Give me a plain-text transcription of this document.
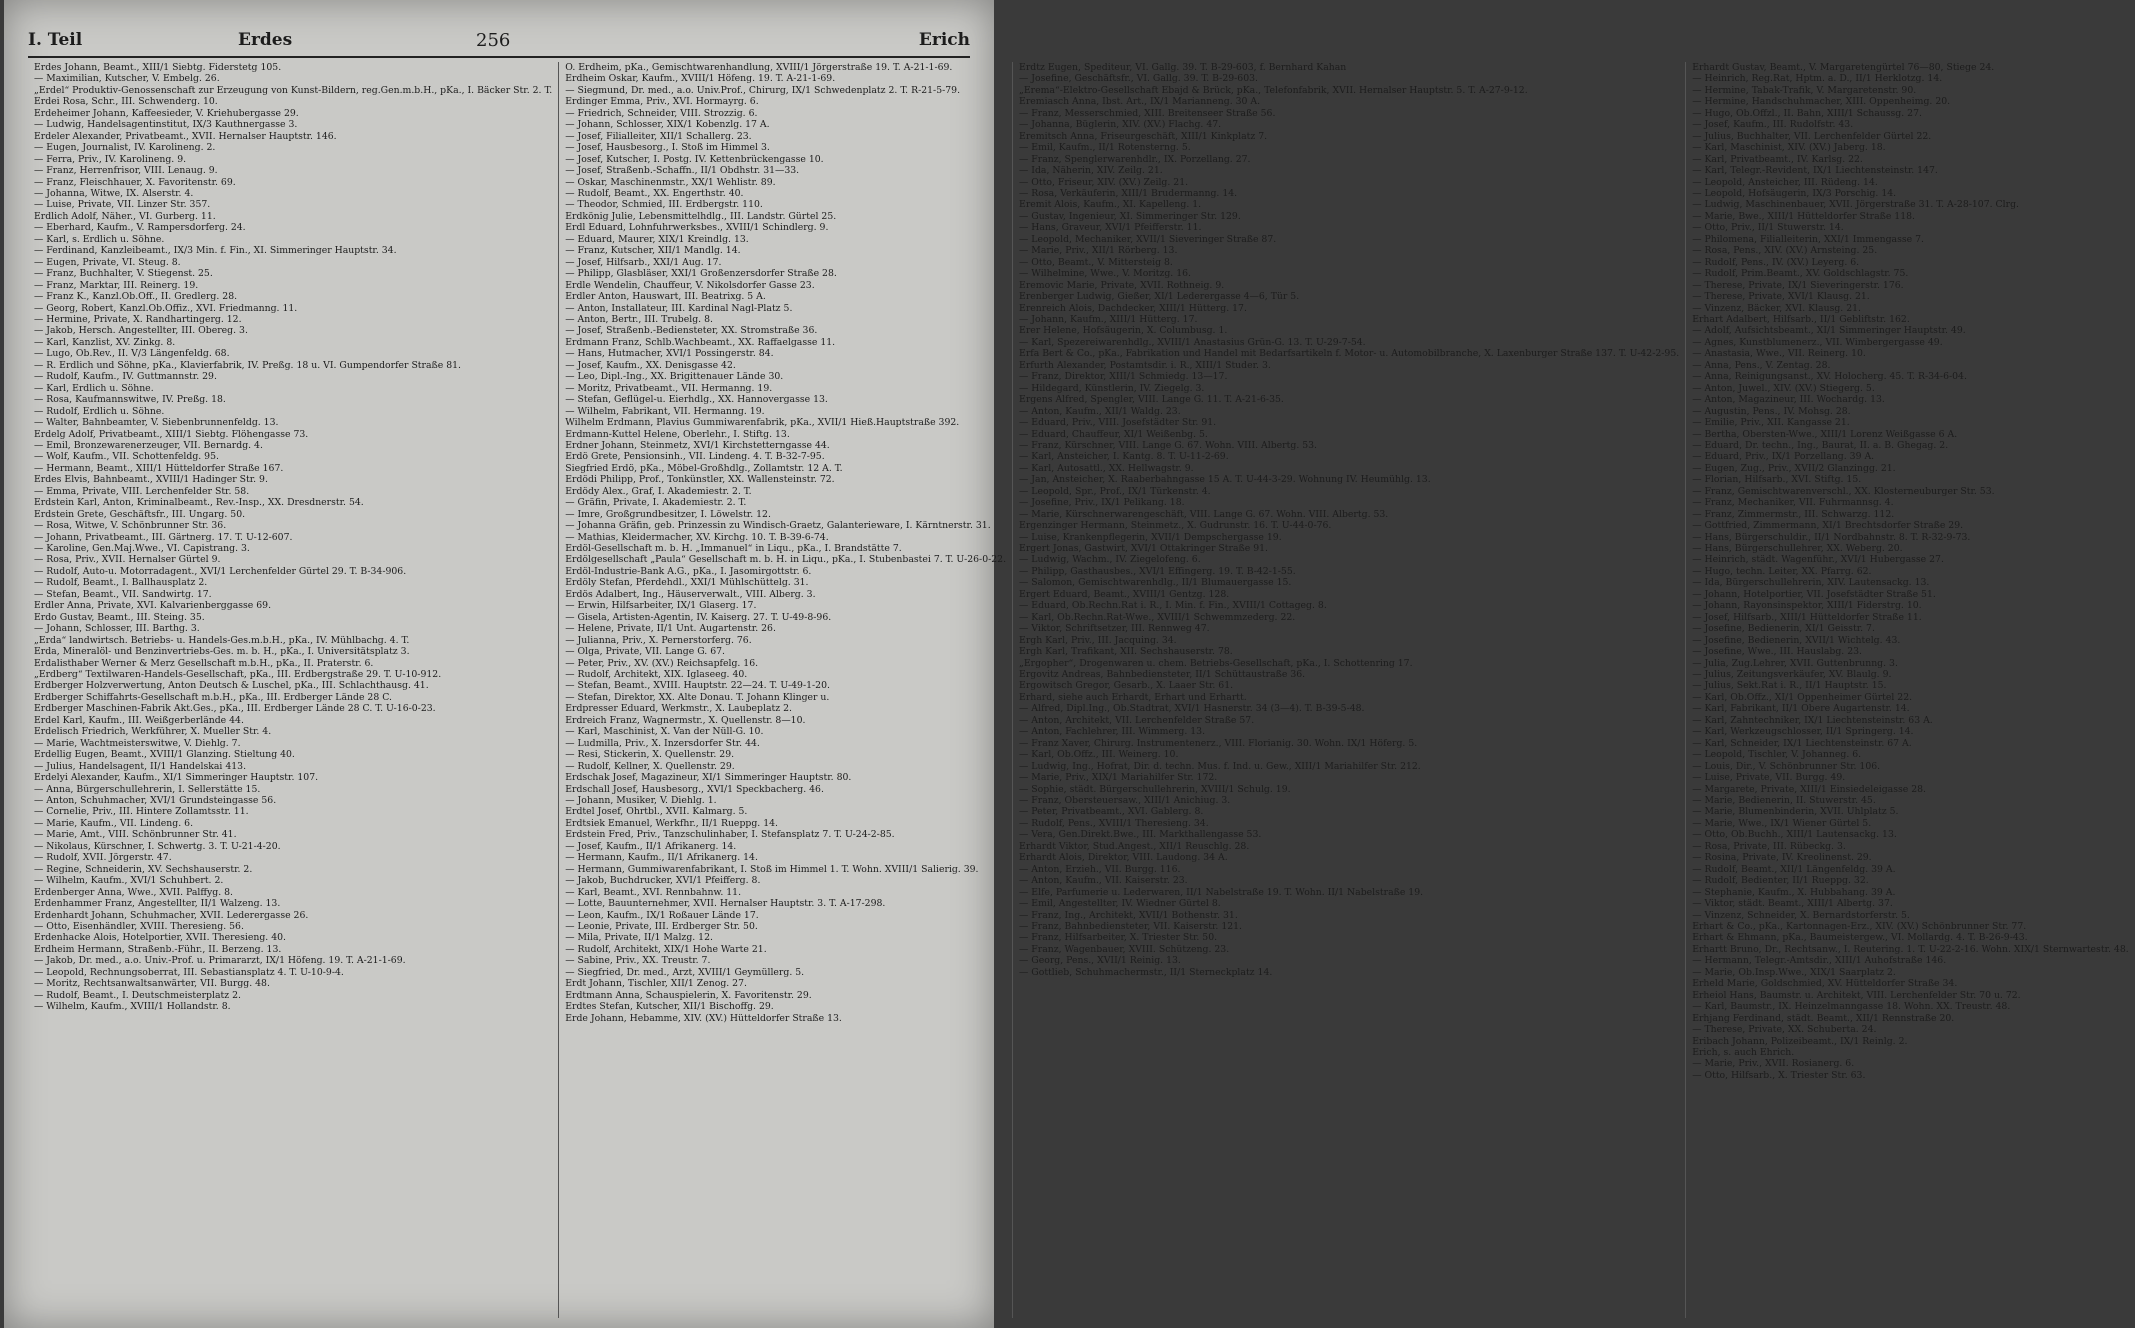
I. Teil	Erdes	256	Erich
Erdes Johann, Beamt., XIII/1 Siebtg. Fiderstetg 105.
— Maximilian, Kutscher, V. Embelg. 26.
„Erdel“ Produktiv-Genossenschaft zur Erzeugung von Kunst-Bildern, reg.Gen.m.b.H., pKa., I. Bäcker Str. 2. T.
Erdei Rosa, Schr., III. Schwenderg. 10.
Erdeheimer Johann, Kaffeesieder, V. Kriehubergasse 29.
— Ludwig, Handelsagentinstitut, IX/3 Kauthnergasse 3.
Erdeler Alexander, Privatbeamt., XVII. Hernalser Hauptstr. 146.
— Eugen, Journalist, IV. Karolineng. 2.
— Ferra, Priv., IV. Karolineng. 9.
— Franz, Herrenfrisor, VIII. Lenaug. 9.
— Franz, Fleischhauer, X. Favoritenstr. 69.
— Johanna, Witwe, IX. Alserstr. 4.
— Luise, Private, VII. Linzer Str. 357.
Erdlich Adolf, Näher., VI. Gurberg. 11.
— Eberhard, Kaufm., V. Rampersdorferg. 24.
— Karl, s. Erdlich u. Söhne.
— Ferdinand, Kanzleibeamt., IX/3 Min. f. Fin., XI. Simmeringer Hauptstr. 34.
— Eugen, Private, VI. Steug. 8.
— Franz, Buchhalter, V. Stiegenst. 25.
— Franz, Marktar, III. Reinerg. 19.
— Franz K., Kanzl.Ob.Off., II. Gredlerg. 28.
— Georg, Robert, Kanzl.Ob.Offiz., XVI. Friedmanng. 11.
— Hermine, Private, X. Randhartingerg. 12.
— Jakob, Hersch. Angestellter, III. Obereg. 3.
— Karl, Kanzlist, XV. Zinkg. 8.
— Lugo, Ob.Rev., II. V/3 Längenfeldg. 68.
— R. Erdlich und Söhne, pKa., Klavierfabrik, IV. Preßg. 18 u. VI. Gumpendorfer Straße 81.
— Rudolf, Kaufm., IV. Guttmannstr. 29.
— Karl, Erdlich u. Söhne.
— Rosa, Kaufmannswitwe, IV. Preßg. 18.
— Rudolf, Erdlich u. Söhne.
— Walter, Bahnbeamter, V. Siebenbrunnenfeldg. 13.
Erdelg Adolf, Privatbeamt., XIII/1 Siebtg. Flöhengasse 73.
— Emil, Bronzewarenerzeuger, VII. Bernardg. 4.
— Wolf, Kaufm., VII. Schottenfeldg. 95.
— Hermann, Beamt., XIII/1 Hütteldorfer Straße 167.
Erdes Elvis, Bahnbeamt., XVIII/1 Hadinger Str. 9.
— Emma, Private, VIII. Lerchenfelder Str. 58.
Erdstein Karl, Anton, Kriminalbeamt., Rev.-Insp., XX. Dresdnerstr. 54.
Erdstein Grete, Geschäftsfr., III. Ungarg. 50.
— Rosa, Witwe, V. Schönbrunner Str. 36.
— Johann, Privatbeamt., III. Gärtnerg. 17. T. U-12-607.
— Karoline, Gen.Maj.Wwe., VI. Capistrang. 3.
— Rosa, Priv., XVII. Hernalser Gürtel 9.
— Rudolf, Auto-u. Motorradagent., XVI/1 Lerchenfelder Gürtel 29. T. B-34-906.
— Rudolf, Beamt., I. Ballhausplatz 2.
— Stefan, Beamt., VII. Sandwirtg. 17.
Erdler Anna, Private, XVI. Kalvarienberggasse 69.
Erdo Gustav, Beamt., III. Steing. 35.
— Johann, Schlosser, III. Barthg. 3.
„Erda“ landwirtsch. Betriebs- u. Handels-Ges.m.b.H., pKa., IV. Mühlbachg. 4. T.
Erda, Mineralöl- und Benzinvertriebs-Ges. m. b. H., pKa., I. Universitätsplatz 3.
Erdalisthaber Werner & Merz Gesellschaft m.b.H., pKa., II. Praterstr. 6.
„Erdberg“ Textilwaren-Handels-Gesellschaft, pKa., III. Erdbergstraße 29. T. U-10-912.
Erdberger Holzverwertung, Anton Deutsch & Luschel, pKa., III. Schlachthausg. 41.
Erdberger Schiffahrts-Gesellschaft m.b.H., pKa., III. Erdberger Lände 28 C.
Erdberger Maschinen-Fabrik Akt.Ges., pKa., III. Erdberger Lände 28 C. T. U-16-0-23.
Erdel Karl, Kaufm., III. Weißgerberlände 44.
Erdelisch Friedrich, Werkführer, X. Mueller Str. 4.
— Marie, Wachtmeisterswitwe, V. Diehlg. 7.
Erdellig Eugen, Beamt., XVIII/1 Glanzing. Stieltung 40.
— Julius, Handelsagent, II/1 Handelskai 413.
Erdelyi Alexander, Kaufm., XI/1 Simmeringer Hauptstr. 107.
— Anna, Bürgerschullehrerin, I. Sellerstätte 15.
— Anton, Schuhmacher, XVI/1 Grundsteingasse 56.
— Cornelie, Priv., III. Hintere Zollamtsstr. 11.
— Marie, Kaufm., VII. Lindeng. 6.
— Marie, Amt., VIII. Schönbrunner Str. 41.
— Nikolaus, Kürschner, I. Schwertg. 3. T. U-21-4-20.
— Rudolf, XVII. Jörgerstr. 47.
— Regine, Schneiderin, XV. Sechshauserstr. 2.
— Wilhelm, Kaufm., XVI/1 Schuhbert. 2.
Erdenberger Anna, Wwe., XVII. Palffyg. 8.
Erdenhammer Franz, Angestellter, II/1 Walzeng. 13.
Erdenhardt Johann, Schuhmacher, XVII. Lederergasse 26.
— Otto, Eisenhändler, XVIII. Theresieng. 56.
Erdenhacke Alois, Hotelportier, XVII. Theresieng. 40.
Erdheim Hermann, Straßenb.-Führ., II. Berzeng. 13.
— Jakob, Dr. med., a.o. Univ.-Prof. u. Primararzt, IX/1 Höfeng. 19. T. A-21-1-69.
— Leopold, Rechnungsoberrat, III. Sebastiansplatz 4. T. U-10-9-4.
— Moritz, Rechtsanwaltsanwärter, VII. Burgg. 48.
— Rudolf, Beamt., I. Deutschmeisterplatz 2.
— Wilhelm, Kaufm., XVIII/1 Hollandstr. 8.
O. Erdheim, pKa., Gemischtwarenhandlung, XVIII/1 Jörgerstraße 19. T. A-21-1-69.
Erdheim Oskar, Kaufm., XVIII/1 Höfeng. 19. T. A-21-1-69.
— Siegmund, Dr. med., a.o. Univ.Prof., Chirurg, IX/1 Schwedenplatz 2. T. R-21-5-79.
Erdinger Emma, Priv., XVI. Hormayrg. 6.
— Friedrich, Schneider, VIII. Strozzig. 6.
— Johann, Schlosser, XIX/1 Kobenzlg. 17 A.
— Josef, Filialleiter, XII/1 Schallerg. 23.
— Josef, Hausbesorg., I. Stoß im Himmel 3.
— Josef, Kutscher, I. Postg. IV. Kettenbrückengasse 10.
— Josef, Straßenb.-Schaffn., II/1 Obdhstr. 31—33.
— Oskar, Maschinenmstr., XX/1 Wehlistr. 89.
— Rudolf, Beamt., XX. Engerthstr. 40.
— Theodor, Schmied, III. Erdbergstr. 110.
Erdkönig Julie, Lebensmittelhdlg., III. Landstr. Gürtel 25.
Erdl Eduard, Lohnfuhrwerksbes., XVIII/1 Schindlerg. 9.
— Eduard, Maurer, XIX/1 Kreindlg. 13.
— Franz, Kutscher, XII/1 Mandlg. 14.
— Josef, Hilfsarb., XXI/1 Aug. 17.
— Philipp, Glasbläser, XXI/1 Großenzersdorfer Straße 28.
Erdle Wendelin, Chauffeur, V. Nikolsdorfer Gasse 23.
Erdler Anton, Hauswart, III. Beatrixg. 5 A.
— Anton, Installateur, III. Kardinal Nagl-Platz 5.
— Anton, Bertr., III. Trubelg. 8.
— Josef, Straßenb.-Bediensteter, XX. Stromstraße 36.
Erdmann Franz, Schlb.Wachbeamt., XX. Raffaelgasse 11.
— Hans, Hutmacher, XVI/1 Possingerstr. 84.
— Josef, Kaufm., XX. Denisgasse 42.
— Leo, Dipl.-Ing., XX. Brigittenauer Lände 30.
— Moritz, Privatbeamt., VII. Hermanng. 19.
— Stefan, Geflügel-u. Eierhdlg., XX. Hannovergasse 13.
— Wilhelm, Fabrikant, VII. Hermanng. 19.
Wilhelm Erdmann, Plavius Gummiwarenfabrik, pKa., XVII/1 Hieß.Hauptstraße 392.
Erdmann-Kuttel Helene, Oberlehr., I. Stiftg. 13.
Erdner Johann, Steinmetz, XVI/1 Kirchstetterngasse 44.
Erdö Grete, Pensionsinh., VII. Lindeng. 4. T. B-32-7-95.
Siegfried Erdö, pKa., Möbel-Großhdlg., Zollamtstr. 12 A. T.
Erdödi Philipp, Prof., Tonkünstler, XX. Wallensteinstr. 72.
Erdödy Alex., Graf, I. Akademiestr. 2. T.
— Gräfin, Private, I. Akademiestr. 2. T.
— Imre, Großgrundbesitzer, I. Löwelstr. 12.
— Johanna Gräfin, geb. Prinzessin zu Windisch-Graetz, Galanterieware, I. Kärntnerstr. 31.
— Mathias, Kleidermacher, XV. Kirchg. 10. T. B-39-6-74.
Erdöl-Gesellschaft m. b. H. „Immanuel“ in Liqu., pKa., I. Brandstätte 7.
Erdölgesellschaft „Paula“ Gesellschaft m. b. H. in Liqu., pKa., I. Stubenbastei 7. T. U-26-0-22.
Erdöl-Industrie-Bank A.G., pKa., I. Jasomirgottstr. 6.
Erdöly Stefan, Pferdehdl., XXI/1 Mühlschüttelg. 31.
Erdös Adalbert, Ing., Häuserverwalt., VIII. Alberg. 3.
— Erwin, Hilfsarbeiter, IX/1 Glaserg. 17.
— Gisela, Artisten-Agentin, IV. Kaiserg. 27. T. U-49-8-96.
— Helene, Private, II/1 Unt. Augartenstr. 26.
— Julianna, Priv., X. Pernerstorferg. 76.
— Olga, Private, VII. Lange G. 67.
— Peter, Priv., XV. (XV.) Reichsapfelg. 16.
— Rudolf, Architekt, XIX. Iglaseeg. 40.
— Stefan, Beamt., XVIII. Hauptstr. 22—24. T. U-49-1-20.
— Stefan, Direktor, XX. Alte Donau. T. Johann Klinger u.
Erdpresser Eduard, Werkmstr., X. Laubeplatz 2.
Erdreich Franz, Wagnermstr., X. Quellenstr. 8—10.
— Karl, Maschinist, X. Van der Nüll-G. 10.
— Ludmilla, Priv., X. Inzersdorfer Str. 44.
— Resi, Stickerin, X. Quellenstr. 29.
— Rudolf, Kellner, X. Quellenstr. 29.
Erdschak Josef, Magazineur, XI/1 Simmeringer Hauptstr. 80.
Erdschall Josef, Hausbesorg., XVI/1 Speckbacherg. 46.
— Johann, Musiker, V. Diehlg. 1.
Erdtel Josef, Ohrtbl., XVII. Kalmarg. 5.
Erdtsiek Emanuel, Werkfhr., II/1 Rueppg. 14.
Erdstein Fred, Priv., Tanzschulinhaber, I. Stefansplatz 7. T. U-24-2-85.
— Josef, Kaufm., II/1 Afrikanerg. 14.
— Hermann, Kaufm., II/1 Afrikanerg. 14.
— Hermann, Gummiwarenfabrikant, I. Stoß im Himmel 1. T. Wohn. XVIII/1 Salierig. 39.
— Jakob, Buchdrucker, XVI/1 Pfeifferg. 8.
— Karl, Beamt., XVI. Rennbahnw. 11.
— Lotte, Bauunternehmer, XVII. Hernalser Hauptstr. 3. T. A-17-298.
— Leon, Kaufm., IX/1 Roßauer Lände 17.
— Leonie, Private, III. Erdberger Str. 50.
— Mila, Private, II/1 Malzg. 12.
— Rudolf, Architekt, XIX/1 Hohe Warte 21.
— Sabine, Priv., XX. Treustr. 7.
— Siegfried, Dr. med., Arzt, XVIII/1 Geymüllerg. 5.
Erdt Johann, Tischler, XII/1 Zenog. 27.
Erdtmann Anna, Schauspielerin, X. Favoritenstr. 29.
Erdtes Stefan, Kutscher, XII/1 Bischoffg. 29.
Erde Johann, Hebamme, XIV. (XV.) Hütteldorfer Straße 13.
Erdtz Eugen, Spediteur, VI. Gallg. 39. T. B-29-603, f. Bernhard Kahan
— Josefine, Geschäftsfr., VI. Gallg. 39. T. B-29-603.
„Erema“-Elektro-Gesellschaft Ebajd & Brück, pKa., Telefonfabrik, XVII. Hernalser Hauptstr. 5. T. A-27-9-12.
Eremiasch Anna, Ibst. Art., IX/1 Marianneng. 30 A.
— Franz, Messerschmied, XIII. Breitenseer Straße 56.
— Johanna, Büglerin, XIV. (XV.) Flachg. 47.
Eremitsch Anna, Friseurgeschäft, XIII/1 Kinkplatz 7.
— Emil, Kaufm., II/1 Rotensterng. 5.
— Franz, Spenglerwarenhdlr., IX. Porzellang. 27.
— Ida, Näherin, XIV. Zeilg. 21.
— Otto, Friseur, XIV. (XV.) Zeilg. 21.
— Rosa, Verkäuferin, XIII/1 Brudermanng. 14.
Eremit Alois, Kaufm., XI. Kapelleng. 1.
— Gustav, Ingenieur, XI. Simmeringer Str. 129.
— Hans, Graveur, XVI/1 Pfeifferstr. 11.
— Leopold, Mechaniker, XVII/1 Sieveringer Straße 87.
— Marie, Priv., XII/1 Rörberg. 13.
— Otto, Beamt., V. Mittersteig 8.
— Wilhelmine, Wwe., V. Moritzg. 16.
Eremovic Marie, Private, XVII. Rothneig. 9.
Erenberger Ludwig, Gießer, XI/1 Lederergasse 4—6, Tür 5.
Erenreich Alois, Dachdecker, XIII/1 Hütterg. 17.
— Johann, Kaufm., XIII/1 Hütterg. 17.
Erer Helene, Hofsäugerin, X. Columbusg. 1.
— Karl, Spezereiwarenhdlg., XVIII/1 Anastasius Grün-G. 13. T. U-29-7-54.
Erfa Bert & Co., pKa., Fabrikation und Handel mit Bedarfsartikeln f. Motor- u. Automobilbranche, X. Laxenburger Straße 137. T. U-42-2-95.
Erfurth Alexander, Postamtsdir. i. R., XIII/1 Studer. 3.
— Franz, Direktor, XIII/1 Schmiedg. 13—17.
— Hildegard, Künstlerin, IV. Ziegelg. 3.
Ergens Alfred, Spengler, VIII. Lange G. 11. T. A-21-6-35.
— Anton, Kaufm., XII/1 Waldg. 23.
— Eduard, Priv., VIII. Josefstädter Str. 91.
— Eduard, Chauffeur, XI/1 Weißenbg. 5.
— Franz, Kürschner, VIII. Lange G. 67. Wohn. VIII. Albertg. 53.
— Karl, Ansteicher, I. Kantg. 8. T. U-11-2-69.
— Karl, Autosattl., XX. Hellwagstr. 9.
— Jan, Ansteicher, X. Raaberbahngasse 15 A. T. U-44-3-29. Wohnung IV. Heumühlg. 13.
— Leopold, Spr., Prof., IX/1 Türkenstr. 4.
— Josefine, Priv., IX/1 Pelikang. 18.
— Marie, Kürschnerwarengeschäft, VIII. Lange G. 67. Wohn. VIII. Albertg. 53.
Ergenzinger Hermann, Steinmetz., X. Gudrunstr. 16. T. U-44-0-76.
— Luise, Krankenpflegerin, XVII/1 Dempschergasse 19.
Ergert Jonas, Gastwirt, XVI/1 Ottakringer Straße 91.
— Ludwig, Wachm., IV. Ziegelofeng. 6.
— Philipp, Gasthausbes., XVI/1 Effingerg. 19. T. B-42-1-55.
— Salomon, Gemischtwarenhdlg., II/1 Blumauergasse 15.
Ergert Eduard, Beamt., XVIII/1 Gentzg. 128.
— Eduard, Ob.Rechn.Rat i. R., I. Min. f. Fin., XVIII/1 Cottageg. 8.
— Karl, Ob.Rechn.Rat-Wwe., XVIII/1 Schwemmzederg. 22.
— Viktor, Schriftsetzer, III. Rennweg 47.
Ergh Karl, Priv., III. Jacquing. 34.
Ergh Karl, Trafikant, XII. Sechshauserstr. 78.
„Ergopher“, Drogenwaren u. chem. Betriebs-Gesellschaft, pKa., I. Schottenring 17.
Ergovitz Andreas, Bahnbediensteter, II/1 Schüttaustraße 36.
Ergowitsch Gregor, Gesarb., X. Laaer Str. 61.
Erhard, siehe auch Erhardt, Erhart und Erhartt.
— Alfred, Dipl.Ing., Ob.Stadtrat, XVI/1 Hasnerstr. 34 (3—4). T. B-39-5-48.
— Anton, Architekt, VII. Lerchenfelder Straße 57.
— Anton, Fachlehrer, III. Wimmerg. 13.
— Franz Xaver, Chirurg. Instrumentenerz., VIII. Florianig. 30. Wohn. IX/1 Höferg. 5.
— Karl, Ob.Offz., III. Weinerg. 10.
— Ludwig, Ing., Hofrat, Dir. d. techn. Mus. f. Ind. u. Gew., XIII/1 Mariahilfer Str. 212.
— Marie, Priv., XIX/1 Mariahilfer Str. 172.
— Sophie, städt. Bürgerschullehrerin, XVIII/1 Schulg. 19.
— Franz, Obersteuersaw., XIII/1 Anichiug. 3.
— Peter, Privatbeamt., XVI. Gablerg. 8.
— Rudolf, Pens., XVIII/1 Theresieng. 34.
— Vera, Gen.Direkt.Bwe., III. Markthallengasse 53.
Erhardt Viktor, Stud.Angest., XII/1 Reuschlg. 28.
Erhardt Alois, Direktor, VIII. Laudong. 34 A.
— Anton, Erzieh., VII. Burgg. 116.
— Anton, Kaufm., VII. Kaiserstr. 23.
— Elfe, Parfumerie u. Lederwaren, II/1 Nabelstraße 19. T. Wohn. II/1 Nabelstraße 19.
— Emil, Angestellter, IV. Wiedner Gürtel 8.
— Franz, Ing., Architekt, XVII/1 Bothenstr. 31.
— Franz, Bahnbediensteter, VII. Kaiserstr. 121.
— Franz, Hilfsarbeiter, X. Triester Str. 50.
— Franz, Wagenbauer, XVIII. Schützeng. 23.
— Georg, Pens., XVII/1 Reinig. 13.
— Gottlieb, Schuhmachermstr., II/1 Sterneckplatz 14.
Erhardt Gustav, Beamt., V. Margaretengürtel 76—80, Stiege 24.
— Heinrich, Reg.Rat, Hptm. a. D., II/1 Herklotzg. 14.
— Hermine, Tabak-Trafik, V. Margaretenstr. 90.
— Hermine, Handschuhmacher, XIII. Oppenheimg. 20.
— Hugo, Ob.Offzl., II. Bahn, XIII/1 Schaussg. 27.
— Josef, Kaufm., III. Rudolfstr. 43.
— Julius, Buchhalter, VII. Lerchenfelder Gürtel 22.
— Karl, Maschinist, XIV. (XV.) Jaberg. 18.
— Karl, Privatbeamt., IV. Karlsg. 22.
— Karl, Telegr.-Revident, IX/1 Liechtensteinstr. 147.
— Leopold, Ansteicher, III. Rüdeng. 14.
— Leopold, Hofsäugerin, IX/3 Porschig. 14.
— Ludwig, Maschinenbauer, XVII. Jörgerstraße 31. T. A-28-107. Clrg.
— Marie, Bwe., XIII/1 Hütteldorfer Straße 118.
— Otto, Priv., II/1 Stuwerstr. 14.
— Philomena, Filialleiterin, XXI/1 Immengasse 7.
— Rosa, Pens., XIV. (XV.) Arnsteing. 25.
— Rudolf, Pens., IV. (XV.) Leyerg. 6.
— Rudolf, Prim.Beamt., XV. Goldschlagstr. 75.
— Therese, Private, IX/1 Sieveringerstr. 176.
— Therese, Private, XVI/1 Klausg. 21.
— Vinzenz, Bäcker, XVI. Klausg. 21.
Erhart Adalbert, Hilfsarb., II/1 Gebliftstr. 162.
— Adolf, Aufsichtsbeamt., XI/1 Simmeringer Hauptstr. 49.
— Agnes, Kunstblumenerz., VII. Wimbergergasse 49.
— Anastasia, Wwe., VII. Reinerg. 10.
— Anna, Pens., V. Zentag. 28.
— Anna, Reinigungsanst., XV. Holocherg. 45. T. R-34-6-04.
— Anton, Juwel., XIV. (XV.) Stiegerg. 5.
— Anton, Magazineur, III. Wochardg. 13.
— Augustin, Pens., IV. Mohsg. 28.
— Emilie, Priv., XII. Kangasse 21.
— Bertha, Obersten-Wwe., XIII/1 Lorenz Weißgasse 6 A.
— Eduard, Dr. techn., Ing., Baurat, II. a. B. Ghegag. 2.
— Eduard, Priv., IX/1 Porzellang. 39 A.
— Eugen, Zug., Priv., XVII/2 Glanzingg. 21.
— Florian, Hilfsarb., XVI. Stiftg. 15.
— Franz, Gemischtwarenverschl., XX. Klosterneuburger Str. 53.
— Franz, Mechaniker, VII. Fuhrmannsg. 4.
— Franz, Zimmermstr., III. Schwarzg. 112.
— Gottfried, Zimmermann, XI/1 Brechtsdorfer Straße 29.
— Hans, Bürgerschuldir., II/1 Nordbahnstr. 8. T. R-32-9-73.
— Hans, Bürgerschullehrer, XX. Weberg. 20.
— Heinrich, städt. Wagenführ., XVI/1 Hubergasse 27.
— Hugo, techn. Leiter, XX. Pfarrg. 62.
— Ida, Bürgerschullehrerin, XIV. Lautensackg. 13.
— Johann, Hotelportier, VII. Josefstädter Straße 51.
— Johann, Rayonsinspektor, XIII/1 Fiderstrg. 10.
— Josef, Hilfsarb., XIII/1 Hütteldorfer Straße 11.
— Josefine, Bedienerin, XI/1 Geisstr. 7.
— Josefine, Bedienerin, XVII/1 Wichtelg. 43.
— Josefine, Wwe., III. Hauslabg. 23.
— Julia, Zug.Lehrer, XVII. Guttenbrunng. 3.
— Julius, Zeitungsverkäufer, XV. Blaulg. 9.
— Julius, Sekt.Rat i. R., II/1 Hauptstr. 15.
— Karl, Ob.Offz., XI/1 Oppenheimer Gürtel 22.
— Karl, Fabrikant, II/1 Obere Augartenstr. 14.
— Karl, Zahntechniker, IX/1 Liechtensteinstr. 63 A.
— Karl, Werkzeugschlosser, II/1 Springerg. 14.
— Karl, Schneider, IX/1 Liechtensteinstr. 67 A.
— Leopold, Tischler, V. Johanneg. 6.
— Louis, Dir., V. Schönbrunner Str. 106.
— Luise, Private, VII. Burgg. 49.
— Margarete, Private, XIII/1 Einsiedeleigasse 28.
— Marie, Bedienerin, II. Stuwerstr. 45.
— Marie, Blumenbinderin, XVII. Uhlplatz 5.
— Marie, Wwe., IX/1 Wiener Gürtel 5.
— Otto, Ob.Buchh., XIII/1 Lautensackg. 13.
— Rosa, Private, III. Rübeckg. 3.
— Rosina, Private, IV. Kreolinenst. 29.
— Rudolf, Beamt., XII/1 Längenfeldg. 39 A.
— Rudolf, Bedienter, II/1 Rueppg. 32.
— Stephanie, Kaufm., X. Hubbahang. 39 A.
— Viktor, städt. Beamt., XIII/1 Albertg. 37.
— Vinzenz, Schneider, X. Bernardstorferstr. 5.
Erhart & Co., pKa., Kartonnagen-Erz., XIV. (XV.) Schönbrunner Str. 77.
Erhart & Ehmann, pKa., Baumeistergew., VI. Mollardg. 4. T. B-26-9-43.
Erhartt Bruno, Dr., Rechtsanw., I. Reutering. 1. T. U-22-2-16. Wohn. XIX/1 Sternwartestr. 48.
— Hermann, Telegr.-Amtsdir., XIII/1 Auhofstraße 146.
— Marie, Ob.Insp.Wwe., XIX/1 Saarplatz 2.
Erheld Marie, Goldschmied, XV. Hütteldorfer Straße 34.
Erheiol Hans, Baumstr. u. Architekt, VIII. Lerchenfelder Str. 70 u. 72.
— Karl, Baumstr., IX. Heinzelmanngasse 18. Wohn. XX. Treustr. 48.
Erhjang Ferdinand, städt. Beamt., XII/1 Rennstraße 20.
— Therese, Private, XX. Schuberta. 24.
Eribach Johann, Polizeibeamt., IX/1 Reinlg. 2.
Erich, s. auch Ehrich.
— Marie, Priv., XVII. Rosianerg. 6.
— Otto, Hilfsarb., X. Triester Str. 63.
